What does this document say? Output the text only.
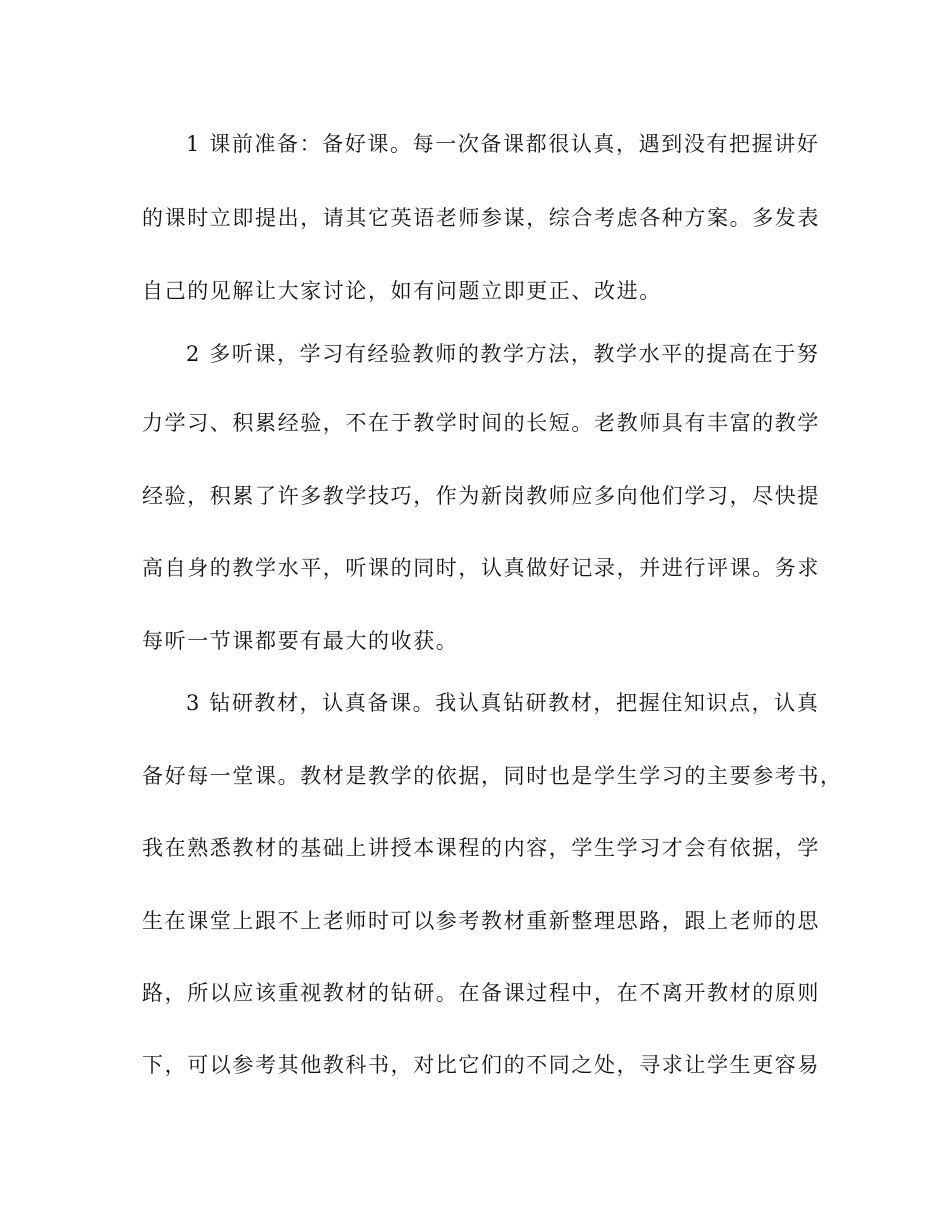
1 课前准备：备好课。每一次备课都很认真，遇到没有把握讲好
的课时立即提出，请其它英语老师参谋，综合考虑各种方案。多发表
自己的见解让大家讨论，如有问题立即更正、改进。
2 多听课，学习有经验教师的教学方法，教学水平的提高在于努
力学习、积累经验，不在于教学时间的长短。老教师具有丰富的教学
经验，积累了许多教学技巧，作为新岗教师应多向他们学习，尽快提
高自身的教学水平，听课的同时，认真做好记录，并进行评课。务求
每听一节课都要有最大的收获。
3 钻研教材，认真备课。我认真钻研教材，把握住知识点，认真
备好每一堂课。教材是教学的依据，同时也是学生学习的主要参考书，
我在熟悉教材的基础上讲授本课程的内容，学生学习才会有依据，学
生在课堂上跟不上老师时可以参考教材重新整理思路，跟上老师的思
路，所以应该重视教材的钻研。在备课过程中，在不离开教材的原则
下，可以参考其他教科书，对比它们的不同之处，寻求让学生更容易
